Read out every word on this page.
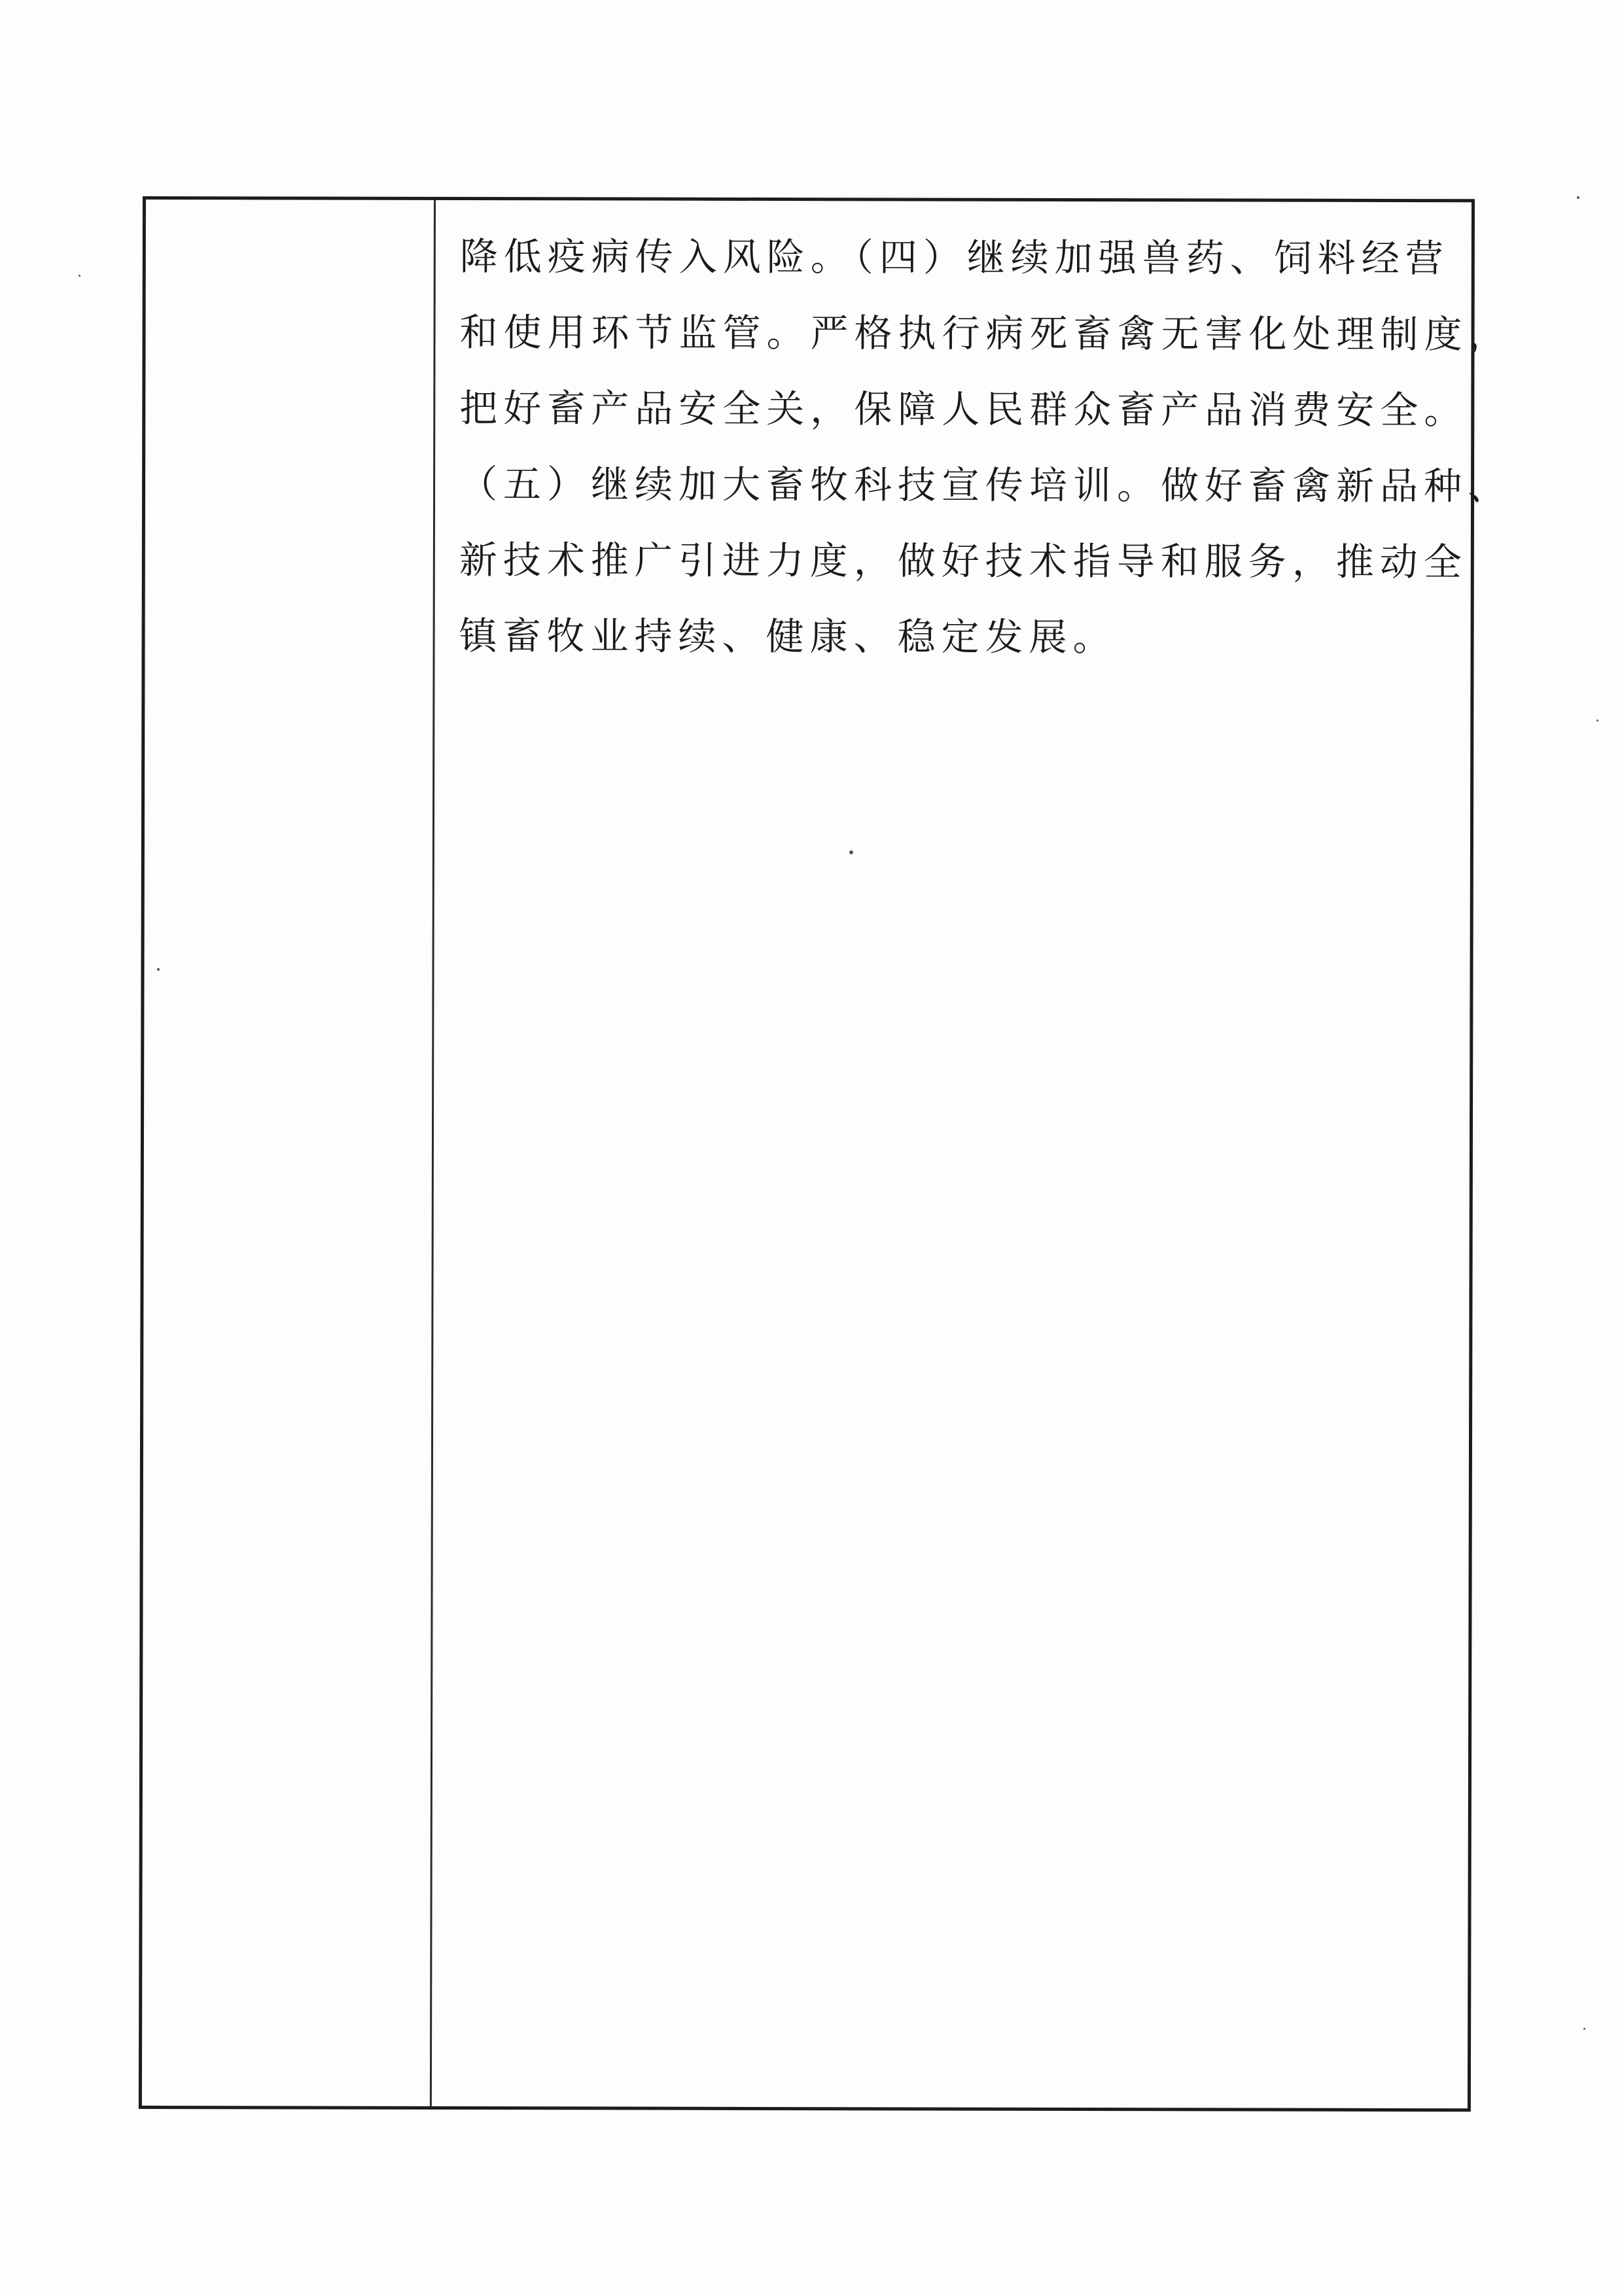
降低疫病传入风险。（四）继续加强兽药、饲料经营
和使用环节监管。严格执行病死畜禽无害化处理制度，
把好畜产品安全关，保障人民群众畜产品消费安全。
（五）继续加大畜牧科技宣传培训。做好畜禽新品种、
新技术推广引进力度，做好技术指导和服务，推动全
镇畜牧业持续、健康、稳定发展。
